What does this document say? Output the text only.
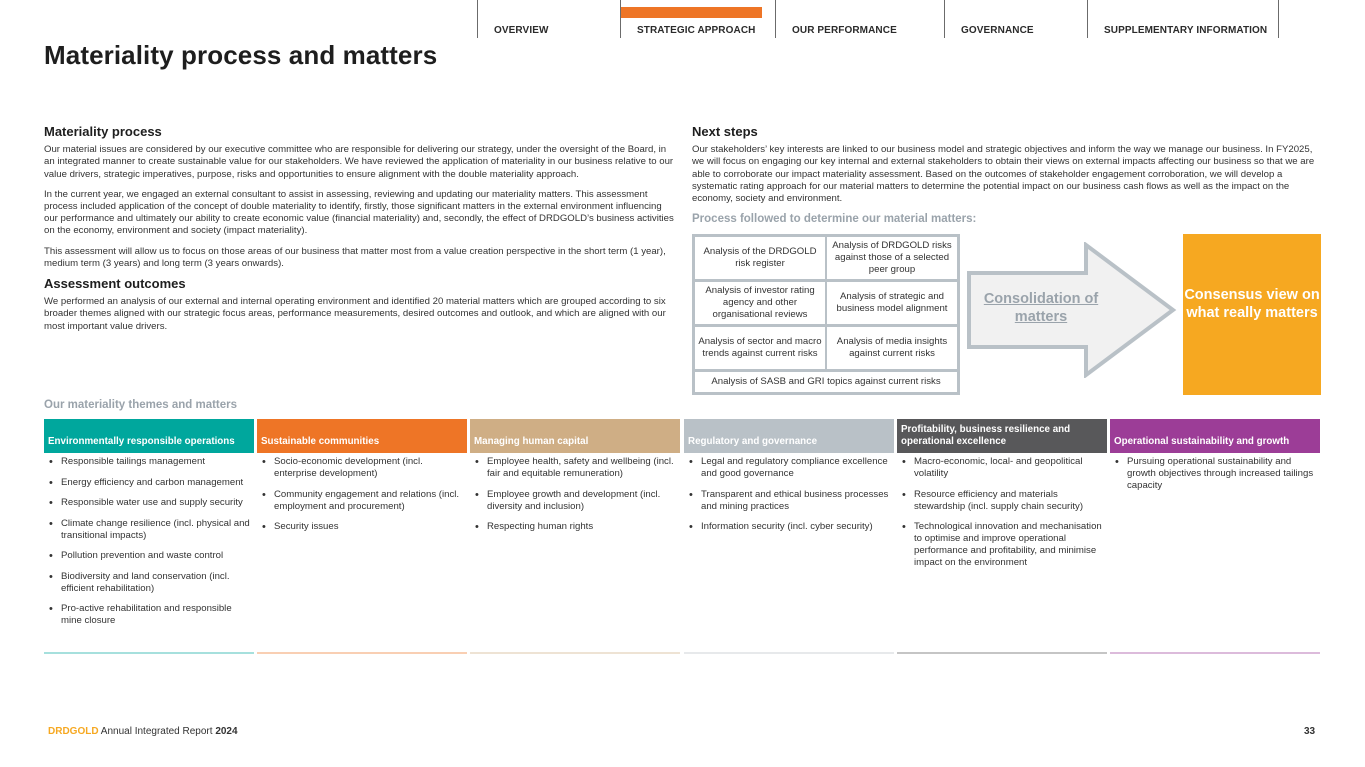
OVERVIEW	STRATEGIC APPROACH	OUR PERFORMANCE	GOVERNANCE	SUPPLEMENTARY INFORMATION
Materiality process and matters
Materiality process

Our material issues are considered by our executive committee who are responsible for delivering our strategy, under the oversight of the Board, in an integrated manner to create sustainable value for our stakeholders. We have reviewed the application of materiality in our business relative to our value drivers, strategic imperatives, purpose, risks and opportunities to ensure alignment with the double materiality approach.

In the current year, we engaged an external consultant to assist in assessing, reviewing and updating our materiality matters. This assessment process included application of the concept of double materiality to identify, firstly, those significant matters in the external environment influencing our performance and ultimately our ability to create economic value (financial materiality) and, secondly, the effect of DRDGOLD’s business activities on the economy, environment and society (impact materiality).

This assessment will allow us to focus on those areas of our business that matter most from a value creation perspective in the short term (1 year), medium term (3 years) and long term (3 years onwards).

Assessment outcomes

We performed an analysis of our external and internal operating environment and identified 20 material matters which are grouped according to six broader themes aligned with our strategic focus areas, performance measurements, desired outcomes and outlook, and which are aligned with our most important value drivers.

Next steps

Our stakeholders’ key interests are linked to our business model and strategic objectives and inform the way we manage our business. In FY2025, we will focus on engaging our key internal and external stakeholders to obtain their views on external impacts affecting our business so that we are able to corroborate our impact materiality assessment. Based on the outcomes of stakeholder engagement corroboration, we will develop a systematic rating approach for our material matters to determine the potential impact on our business cash flows as well as the impact on the economy, society and environment.

Process followed to determine our material matters:
Analysis of the DRDGOLD risk register
Analysis of DRDGOLD risks against those of a selected peer group
Analysis of investor rating agency and other organisational reviews
Analysis of strategic and business model alignment
Analysis of sector and macro trends against current risks
Analysis of media insights against current risks
Analysis of SASB and GRI topics against current risks
Consolidation of matters
Consensus view on what really matters
Our materiality themes and matters
Environmentally responsible operations
• Responsible tailings management
• Energy efficiency and carbon management
• Responsible water use and supply security
• Climate change resilience (incl. physical and transitional impacts)
• Pollution prevention and waste control
• Biodiversity and land conservation (incl. efficient rehabilitation)
• Pro-active rehabilitation and responsible mine closure
Sustainable communities
• Socio-economic development (incl. enterprise development)
• Community engagement and relations (incl. employment and procurement)
• Security issues
Managing human capital
• Employee health, safety and wellbeing (incl. fair and equitable remuneration)
• Employee growth and development (incl. diversity and inclusion)
• Respecting human rights
Regulatory and governance
• Legal and regulatory compliance excellence and good governance
• Transparent and ethical business processes and mining practices
• Information security (incl. cyber security)
Profitability, business resilience and operational excellence
• Macro-economic, local- and geopolitical volatility
• Resource efficiency and materials stewardship (incl. supply chain security)
• Technological innovation and mechanisation to optimise and improve operational performance and profitability, and minimise impact on the environment
Operational sustainability and growth
• Pursuing operational sustainability and growth objectives through increased tailings capacity
DRDGOLD Annual Integrated Report 2024	33
